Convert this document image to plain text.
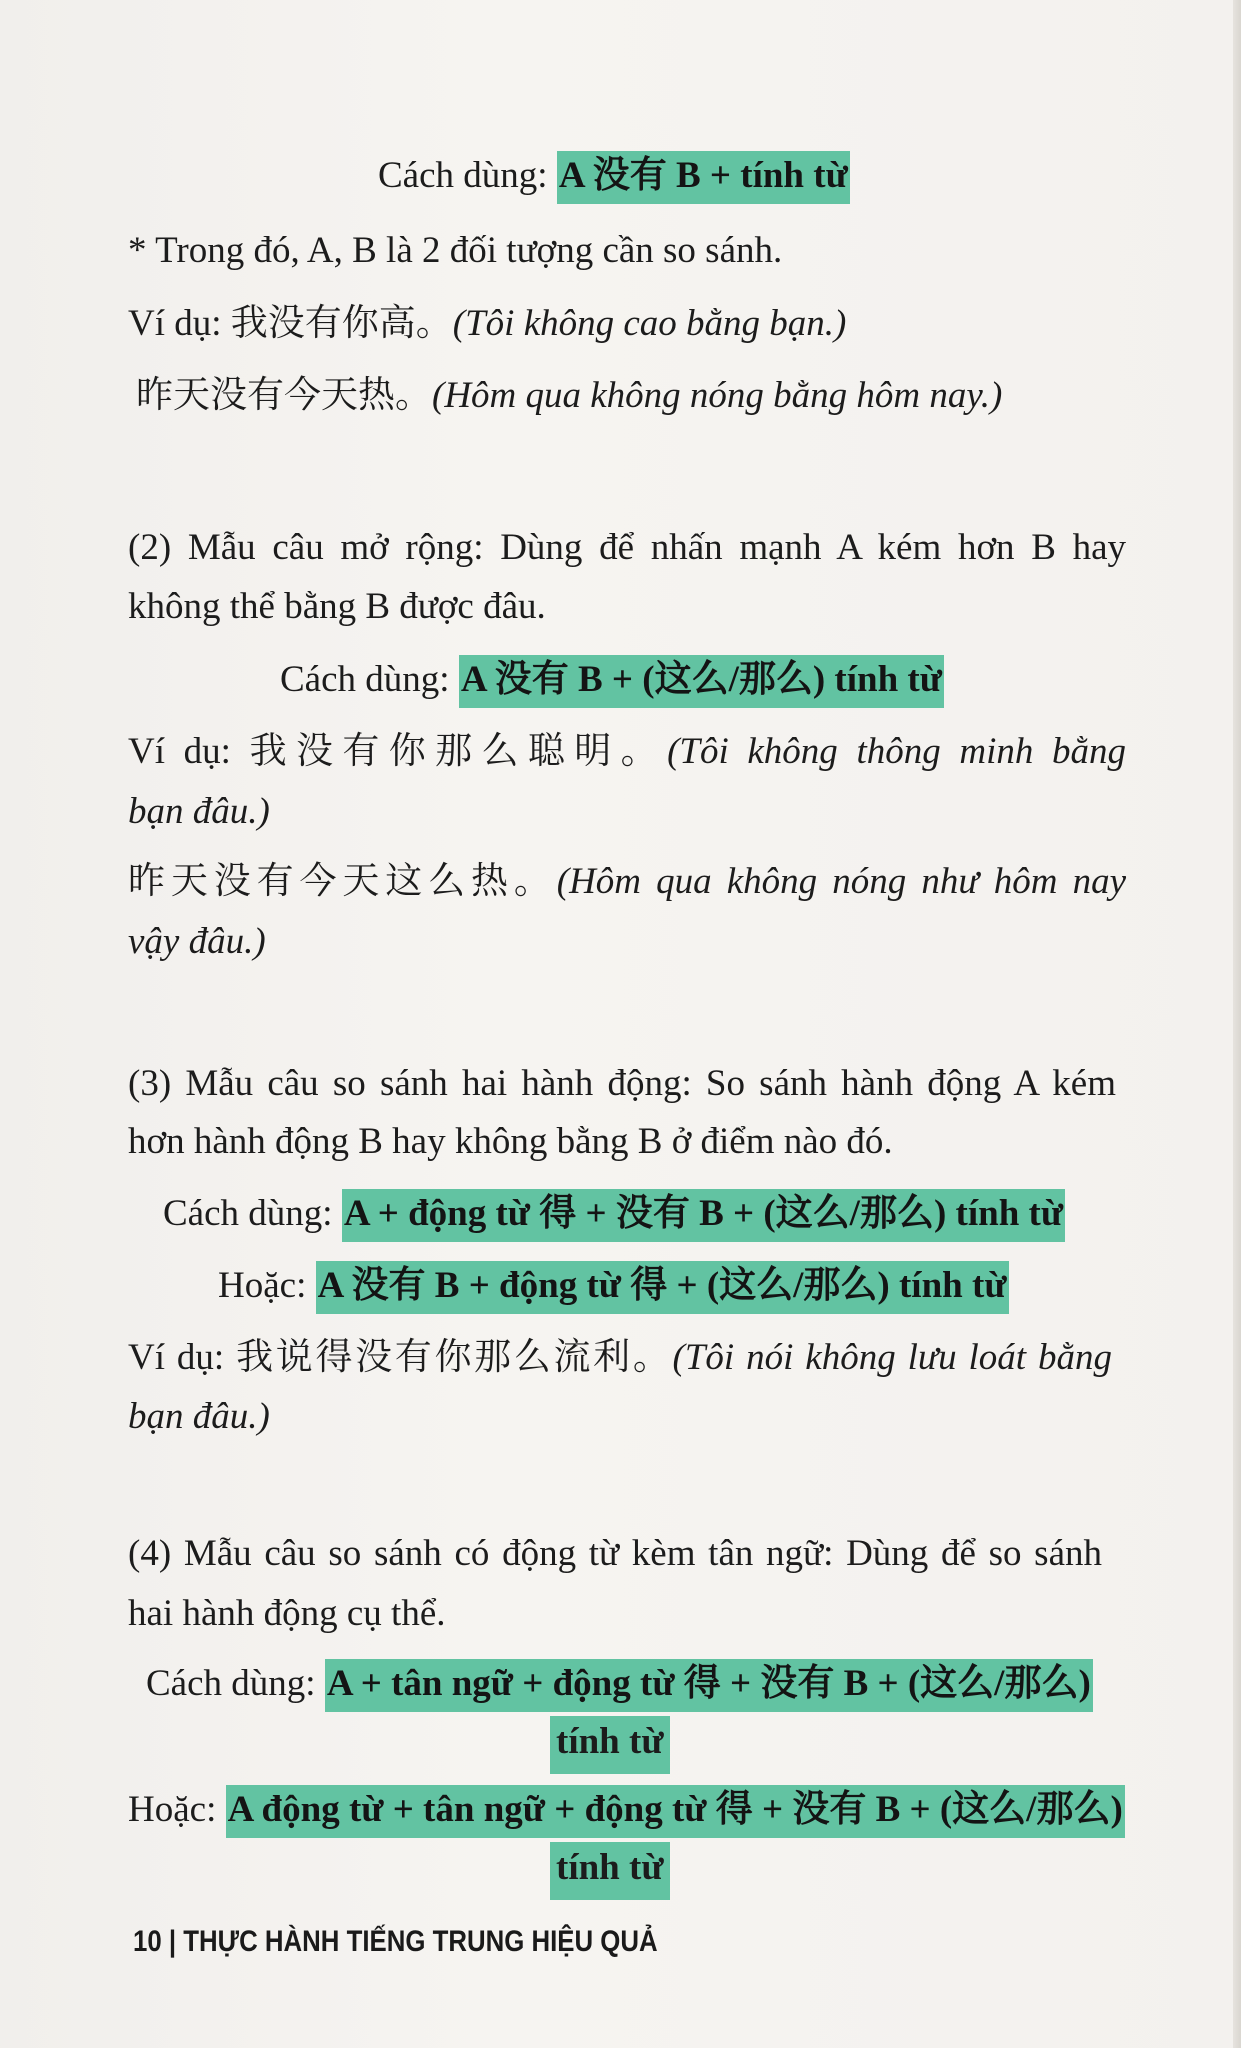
Cách dùng: A 没有 B + tính từ
* Trong đó, A, B là 2 đối tượng cần so sánh.
Ví dụ: 我没有你高。(Tôi không cao bằng bạn.)
昨天没有今天热。(Hôm qua không nóng bằng hôm nay.)
(2) Mẫu câu mở rộng: Dùng để nhấn mạnh A kém hơn B hay
không thể bằng B được đâu.
Cách dùng: A 没有 B + (这么/那么) tính từ
Ví dụ: 我没有你那么聪明。(Tôi không thông minh bằng
bạn đâu.)
昨天没有今天这么热。(Hôm qua không nóng như hôm nay
vậy đâu.)
(3) Mẫu câu so sánh hai hành động: So sánh hành động A kém
hơn hành động B hay không bằng B ở điểm nào đó.
Cách dùng: A + động từ 得 + 没有 B + (这么/那么) tính từ
Hoặc: A 没有 B + động từ 得 + (这么/那么) tính từ
Ví dụ: 我说得没有你那么流利。(Tôi nói không lưu loát bằng
bạn đâu.)
(4) Mẫu câu so sánh có động từ kèm tân ngữ: Dùng để so sánh
hai hành động cụ thể.
Cách dùng: A + tân ngữ + động từ 得 + 没有 B + (这么/那么)
tính từ
Hoặc: A động từ + tân ngữ + động từ 得 + 没有 B + (这么/那么)
tính từ
10 | THỰC HÀNH TIẾNG TRUNG HIỆU QUẢ
